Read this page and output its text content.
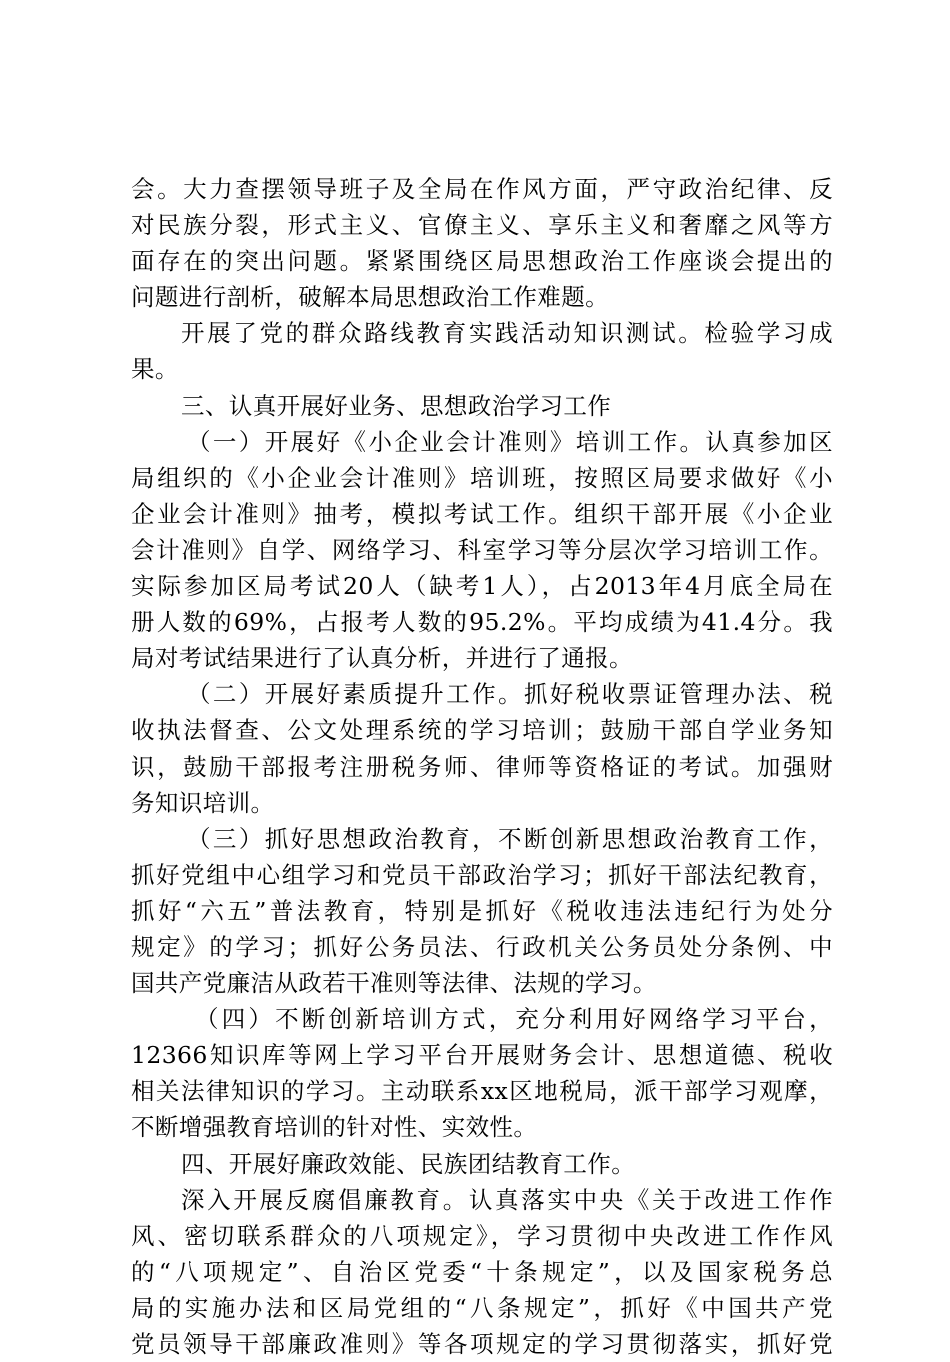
会。大力查摆领导班子及全局在作风方面，严守政治纪律、反
对民族分裂，形式主义、官僚主义、享乐主义和奢靡之风等方
面存在的突出问题。紧紧围绕区局思想政治工作座谈会提出的
问题进行剖析，破解本局思想政治工作难题。
开展了党的群众路线教育实践活动知识测试。检验学习成
果。
三、认真开展好业务、思想政治学习工作
（一）开展好《小企业会计准则》培训工作。认真参加区
局组织的《小企业会计准则》培训班，按照区局要求做好《小
企业会计准则》抽考，模拟考试工作。组织干部开展《小企业
会计准则》自学、网络学习、科室学习等分层次学习培训工作。
实际参加区局考试20人（缺考1人），占2013年4月底全局在
册人数的69%，占报考人数的95.2%。平均成绩为41.4分。我
局对考试结果进行了认真分析，并进行了通报。
（二）开展好素质提升工作。抓好税收票证管理办法、税
收执法督查、公文处理系统的学习培训；鼓励干部自学业务知
识，鼓励干部报考注册税务师、律师等资格证的考试。加强财
务知识培训。
（三）抓好思想政治教育，不断创新思想政治教育工作，
抓好党组中心组学习和党员干部政治学习；抓好干部法纪教育，
抓好“六五”普法教育，特别是抓好《税收违法违纪行为处分
规定》的学习；抓好公务员法、行政机关公务员处分条例、中
国共产党廉洁从政若干准则等法律、法规的学习。
（四）不断创新培训方式，充分利用好网络学习平台，
12366知识库等网上学习平台开展财务会计、思想道德、税收
相关法律知识的学习。主动联系xx区地税局，派干部学习观摩，
不断增强教育培训的针对性、实效性。
四、开展好廉政效能、民族团结教育工作。
深入开展反腐倡廉教育。认真落实中央《关于改进工作作
风、密切联系群众的八项规定》，学习贯彻中央改进工作作风
的“八项规定”、自治区党委“十条规定”，以及国家税务总
局的实施办法和区局党组的“八条规定”，抓好《中国共产党
党员领导干部廉政准则》等各项规定的学习贯彻落实，抓好党
